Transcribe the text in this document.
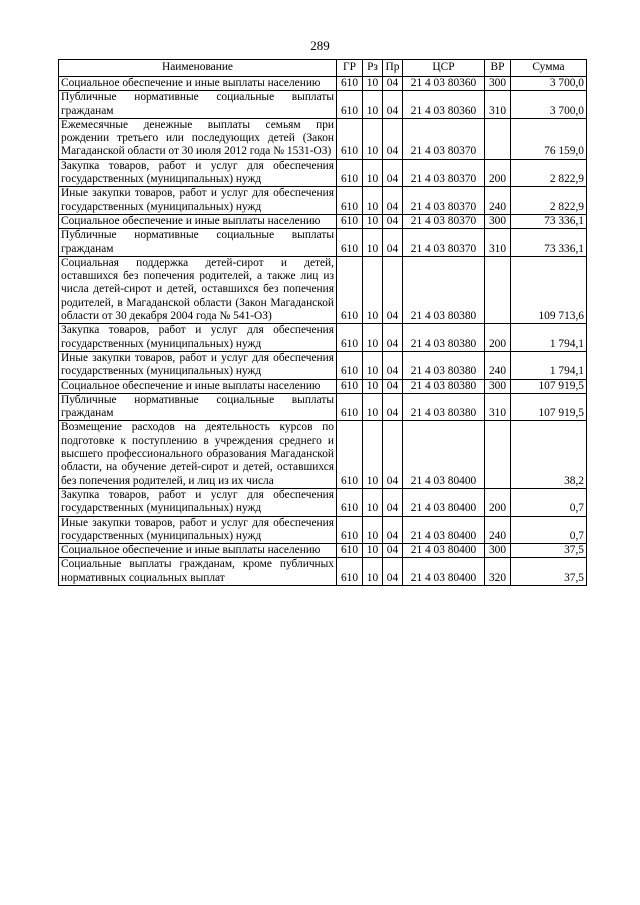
289
Наименование	ГР	Рз	Пр	ЦСР	ВР	Сумма
Социальное обеспечение и иные выплаты населению	610	10	04	21 4 03 80360	300	3 700,0
Публичные нормативные социальные выплаты гражданам	610	10	04	21 4 03 80360	310	3 700,0
Ежемесячные денежные выплаты семьям при рождении третьего или последующих детей (Закон Магаданской области от 30 июля 2012 года № 1531-ОЗ)	610	10	04	21 4 03 80370		76 159,0
Закупка товаров, работ и услуг для обеспечения государственных (муниципальных) нужд	610	10	04	21 4 03 80370	200	2 822,9
Иные закупки товаров, работ и услуг для обеспечения государственных (муниципальных) нужд	610	10	04	21 4 03 80370	240	2 822,9
Социальное обеспечение и иные выплаты населению	610	10	04	21 4 03 80370	300	73 336,1
Публичные нормативные социальные выплаты гражданам	610	10	04	21 4 03 80370	310	73 336,1
Социальная поддержка детей-сирот и детей, оставшихся без попечения родителей, а также лиц из числа детей-сирот и детей, оставшихся без попечения родителей, в Магаданской области (Закон Магаданской области от 30 декабря 2004 года № 541-ОЗ)	610	10	04	21 4 03 80380		109 713,6
Закупка товаров, работ и услуг для обеспечения государственных (муниципальных) нужд	610	10	04	21 4 03 80380	200	1 794,1
Иные закупки товаров, работ и услуг для обеспечения государственных (муниципальных) нужд	610	10	04	21 4 03 80380	240	1 794,1
Социальное обеспечение и иные выплаты населению	610	10	04	21 4 03 80380	300	107 919,5
Публичные нормативные социальные выплаты гражданам	610	10	04	21 4 03 80380	310	107 919,5
Возмещение расходов на деятельность курсов по подготовке к поступлению в учреждения среднего и высшего профессионального образования Магаданской области, на обучение детей-сирот и детей, оставшихся без попечения родителей, и лиц из их числа	610	10	04	21 4 03 80400		38,2
Закупка товаров, работ и услуг для обеспечения государственных (муниципальных) нужд	610	10	04	21 4 03 80400	200	0,7
Иные закупки товаров, работ и услуг для обеспечения государственных (муниципальных) нужд	610	10	04	21 4 03 80400	240	0,7
Социальное обеспечение и иные выплаты населению	610	10	04	21 4 03 80400	300	37,5
Социальные выплаты гражданам, кроме публичных нормативных социальных выплат	610	10	04	21 4 03 80400	320	37,5
